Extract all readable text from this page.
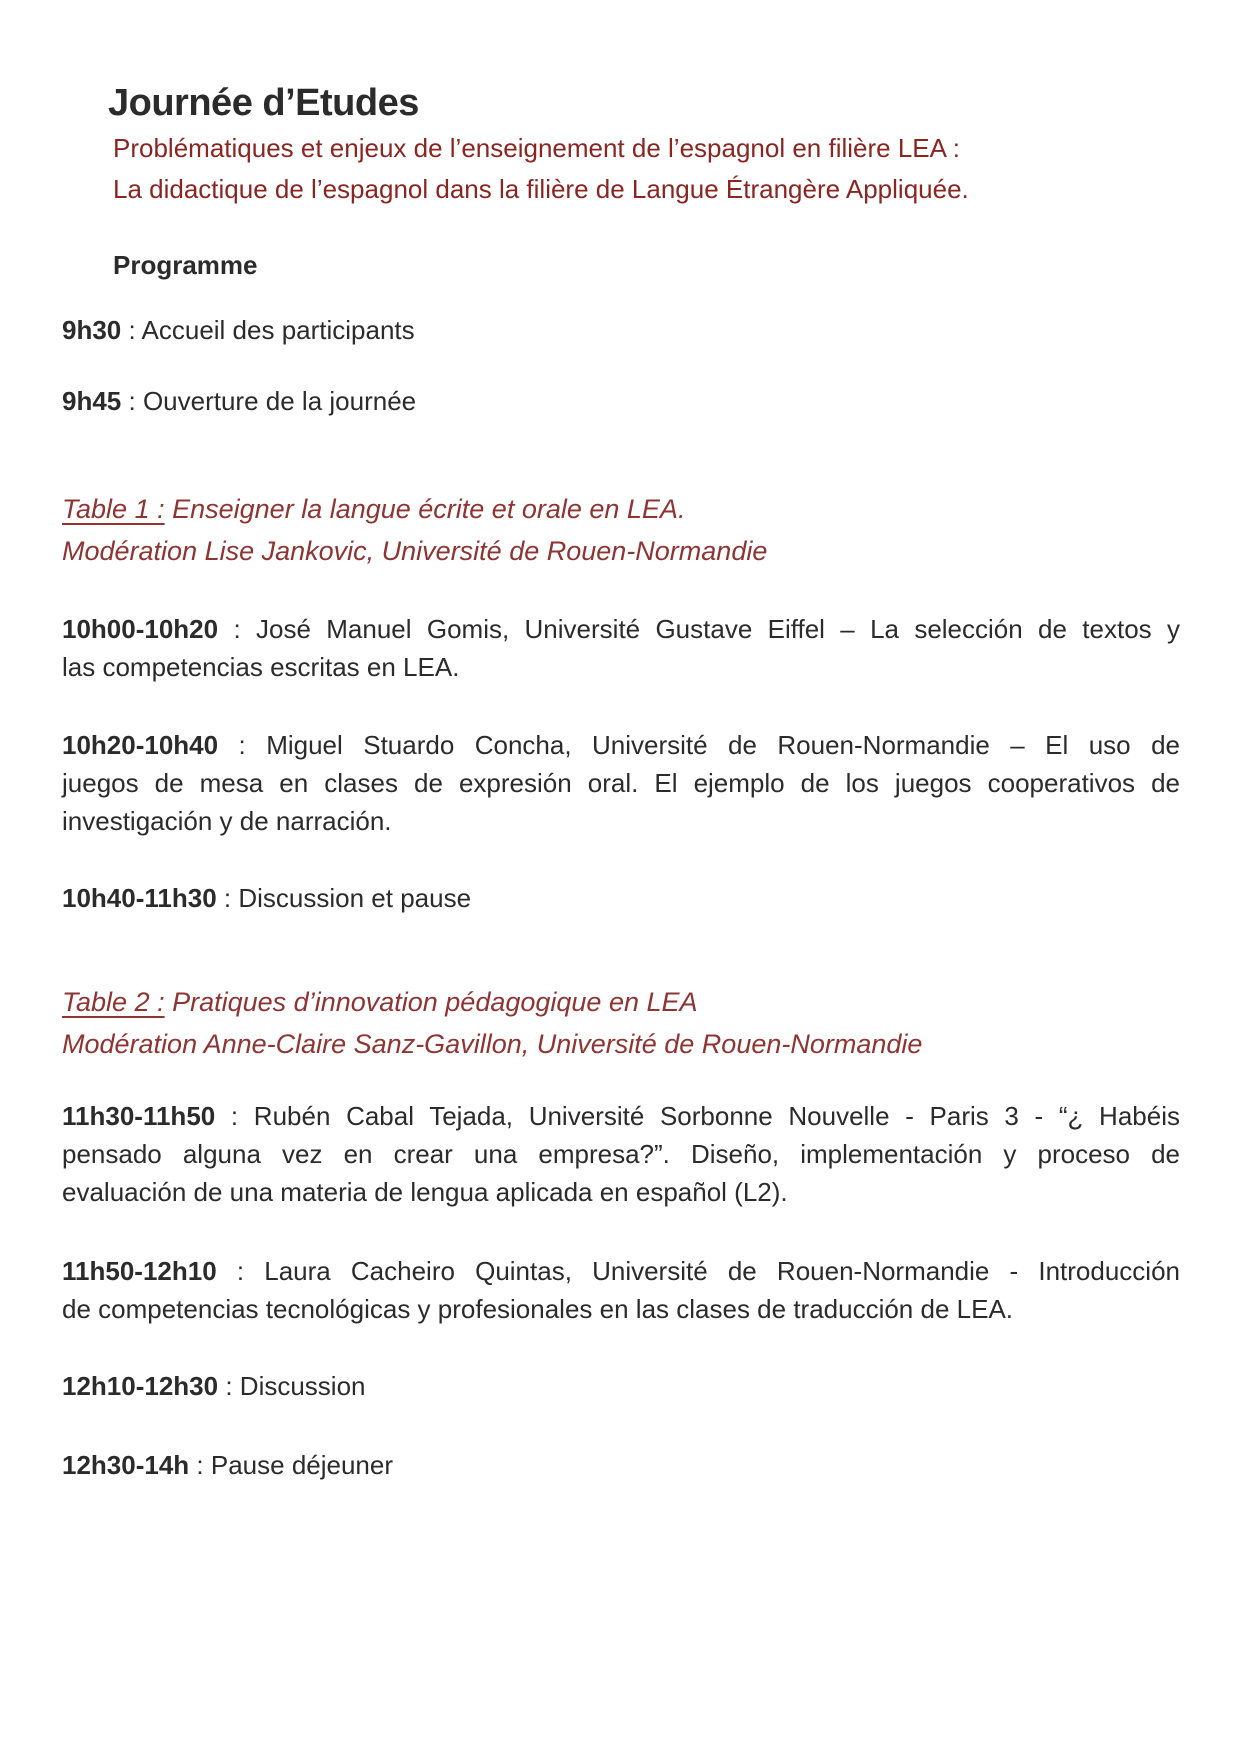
Journée d’Etudes
Problématiques et enjeux de l’enseignement de l’espagnol en filière LEA :
La didactique de l’espagnol dans la filière de Langue Étrangère Appliquée.
Programme

9h30 : Accueil des participants

9h45 : Ouverture de la journée

Table 1 : Enseigner la langue écrite et orale en LEA.
Modération Lise Jankovic, Université de Rouen-Normandie
10h00-10h20 : José Manuel Gomis, Université Gustave Eiffel – La selección de textos y
las competencias escritas en LEA.
10h20-10h40 : Miguel Stuardo Concha, Université de Rouen-Normandie – El uso de
juegos de mesa en clases de expresión oral. El ejemplo de los juegos cooperativos de
investigación y de narración.

10h40-11h30 : Discussion et pause

Table 2 : Pratiques d’innovation pédagogique en LEA
Modération Anne-Claire Sanz-Gavillon, Université de Rouen-Normandie
11h30-11h50 : Rubén Cabal Tejada, Université Sorbonne Nouvelle - Paris 3 - “¿ Habéis
pensado alguna vez en crear una empresa?”. Diseño, implementación y proceso de
evaluación de una materia de lengua aplicada en español (L2).
11h50-12h10 : Laura Cacheiro Quintas, Université de Rouen-Normandie - Introducción
de competencias tecnológicas y profesionales en las clases de traducción de LEA.

12h10-12h30 : Discussion

12h30-14h : Pause déjeuner
